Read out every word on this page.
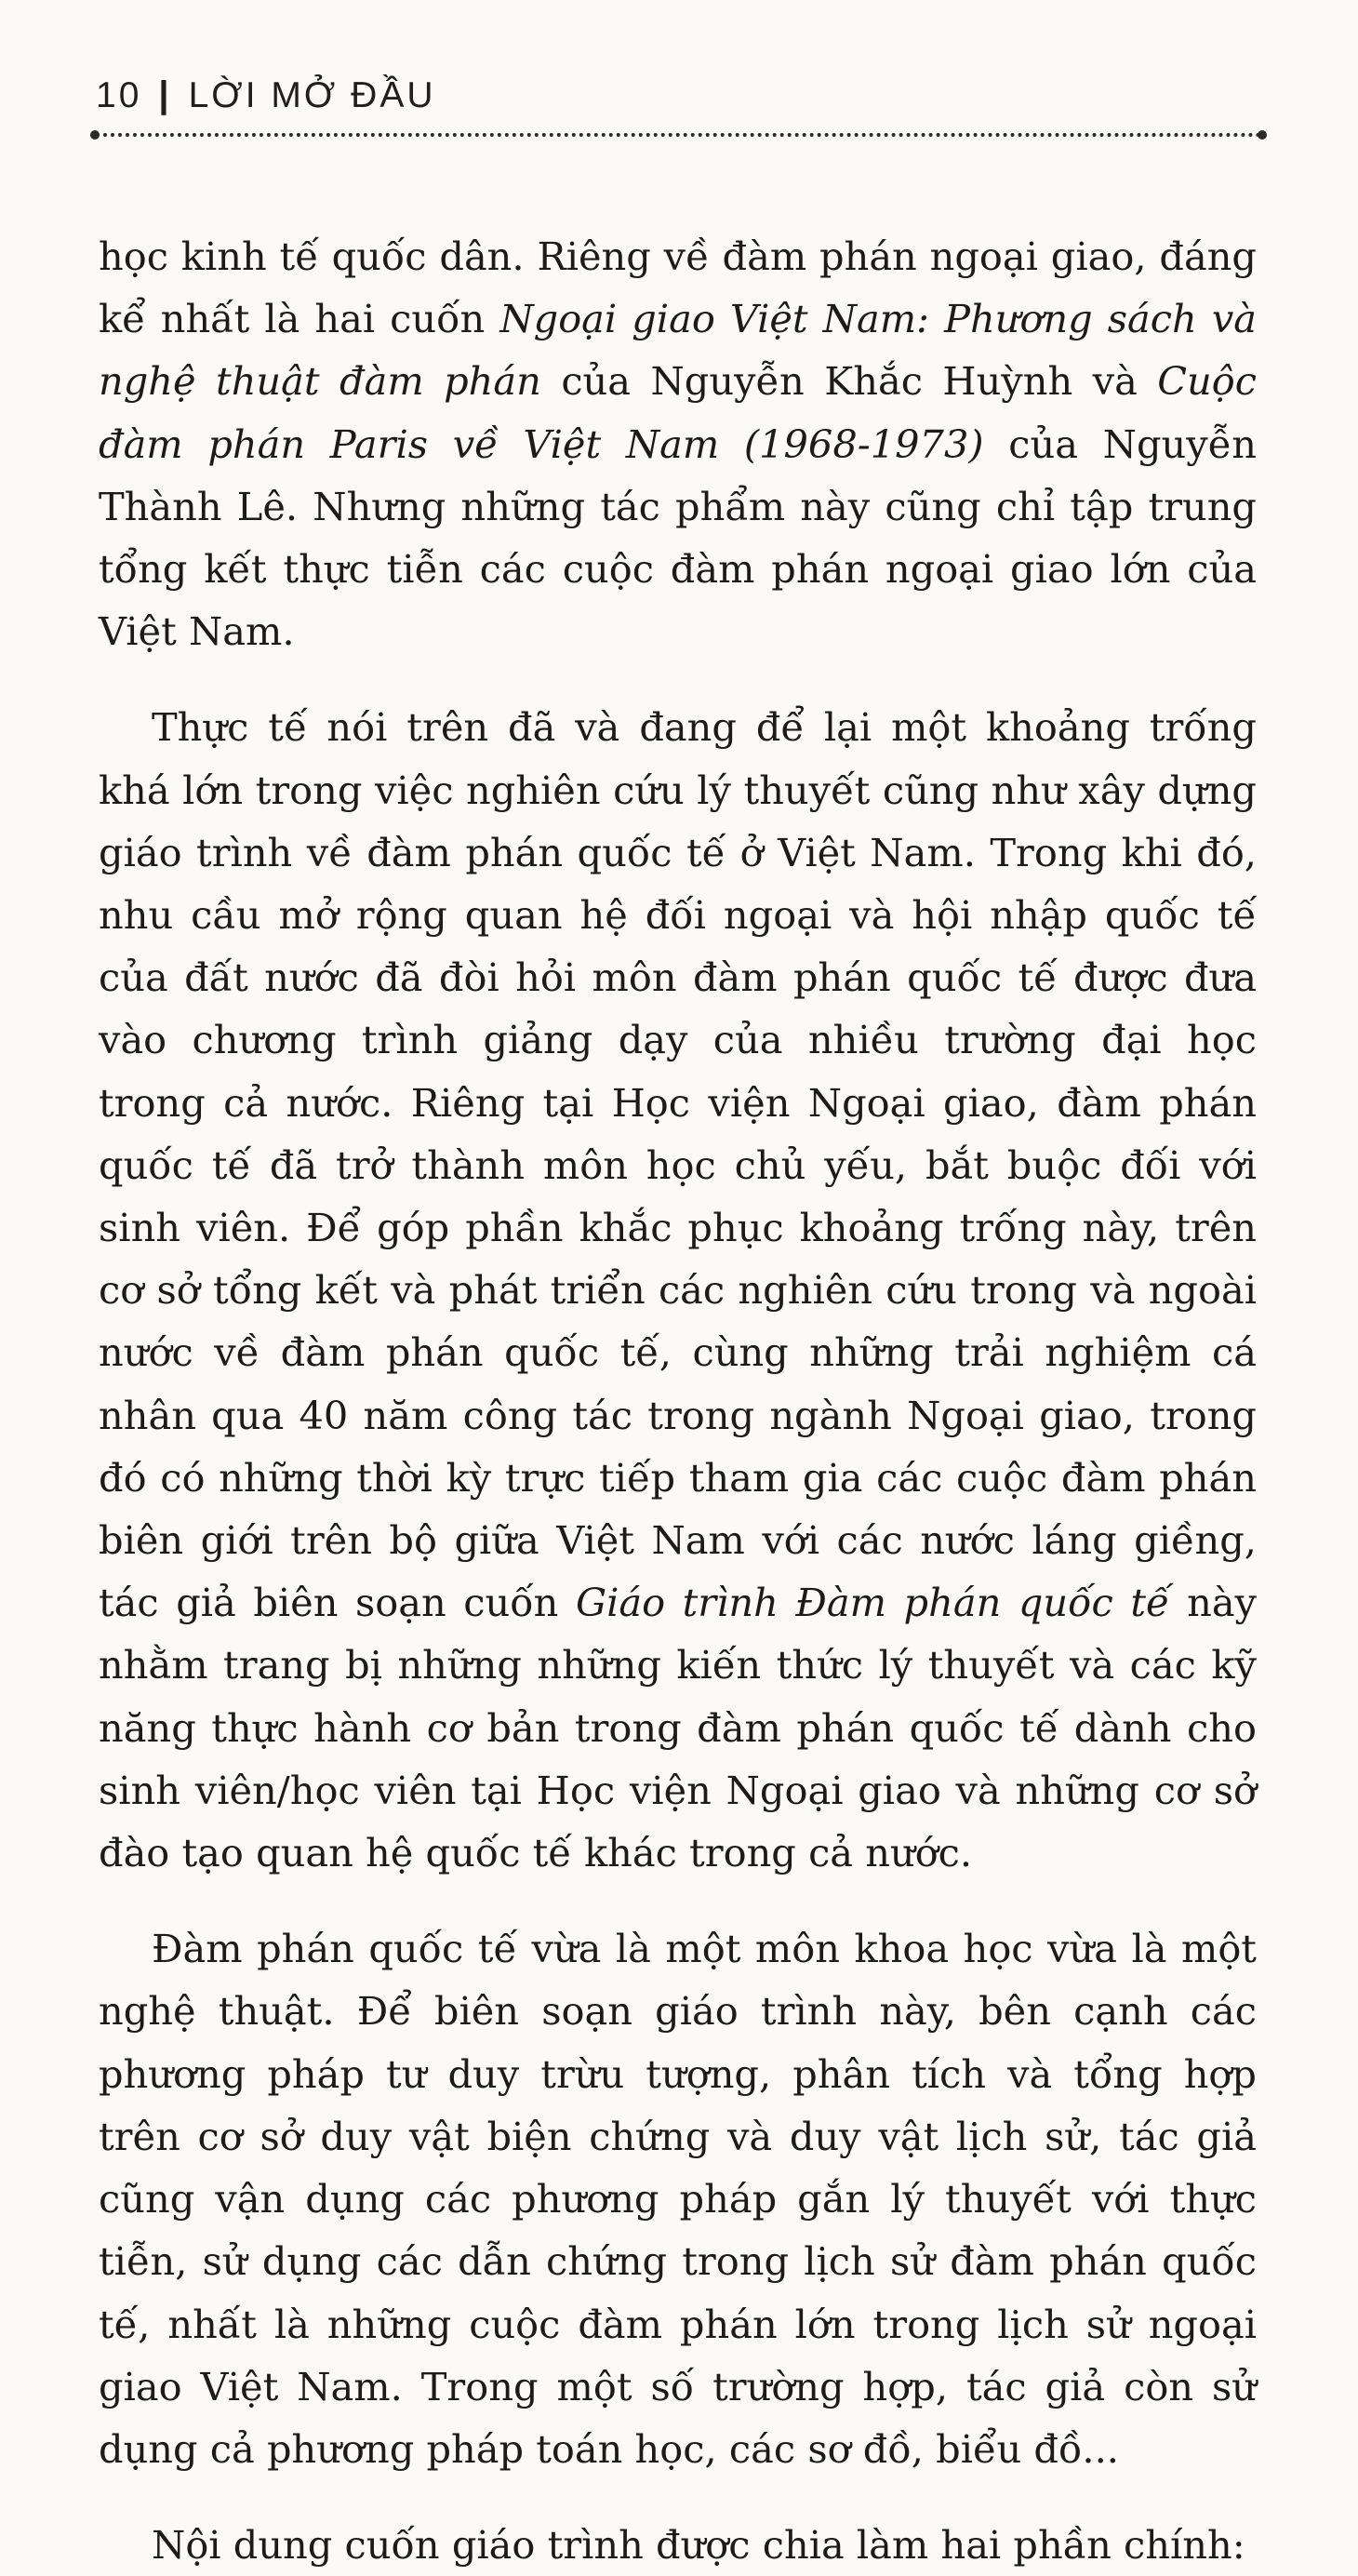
10 | LỜI MỞ ĐẦU

học kinh tế quốc dân. Riêng về đàm phán ngoại giao, đáng kể nhất là hai cuốn Ngoại giao Việt Nam: Phương sách và nghệ thuật đàm phán của Nguyễn Khắc Huỳnh và Cuộc đàm phán Paris về Việt Nam (1968-1973) của Nguyễn Thành Lê. Nhưng những tác phẩm này cũng chỉ tập trung tổng kết thực tiễn các cuộc đàm phán ngoại giao lớn của Việt Nam.

Thực tế nói trên đã và đang để lại một khoảng trống khá lớn trong việc nghiên cứu lý thuyết cũng như xây dựng giáo trình về đàm phán quốc tế ở Việt Nam. Trong khi đó, nhu cầu mở rộng quan hệ đối ngoại và hội nhập quốc tế của đất nước đã đòi hỏi môn đàm phán quốc tế được đưa vào chương trình giảng dạy của nhiều trường đại học trong cả nước. Riêng tại Học viện Ngoại giao, đàm phán quốc tế đã trở thành môn học chủ yếu, bắt buộc đối với sinh viên. Để góp phần khắc phục khoảng trống này, trên cơ sở tổng kết và phát triển các nghiên cứu trong và ngoài nước về đàm phán quốc tế, cùng những trải nghiệm cá nhân qua 40 năm công tác trong ngành Ngoại giao, trong đó có những thời kỳ trực tiếp tham gia các cuộc đàm phán biên giới trên bộ giữa Việt Nam với các nước láng giềng, tác giả biên soạn cuốn Giáo trình Đàm phán quốc tế này nhằm trang bị những những kiến thức lý thuyết và các kỹ năng thực hành cơ bản trong đàm phán quốc tế dành cho sinh viên/học viên tại Học viện Ngoại giao và những cơ sở đào tạo quan hệ quốc tế khác trong cả nước.

Đàm phán quốc tế vừa là một môn khoa học vừa là một nghệ thuật. Để biên soạn giáo trình này, bên cạnh các phương pháp tư duy trừu tượng, phân tích và tổng hợp trên cơ sở duy vật biện chứng và duy vật lịch sử, tác giả cũng vận dụng các phương pháp gắn lý thuyết với thực tiễn, sử dụng các dẫn chứng trong lịch sử đàm phán quốc tế, nhất là những cuộc đàm phán lớn trong lịch sử ngoại giao Việt Nam. Trong một số trường hợp, tác giả còn sử dụng cả phương pháp toán học, các sơ đồ, biểu đồ...

Nội dung cuốn giáo trình được chia làm hai phần chính:
